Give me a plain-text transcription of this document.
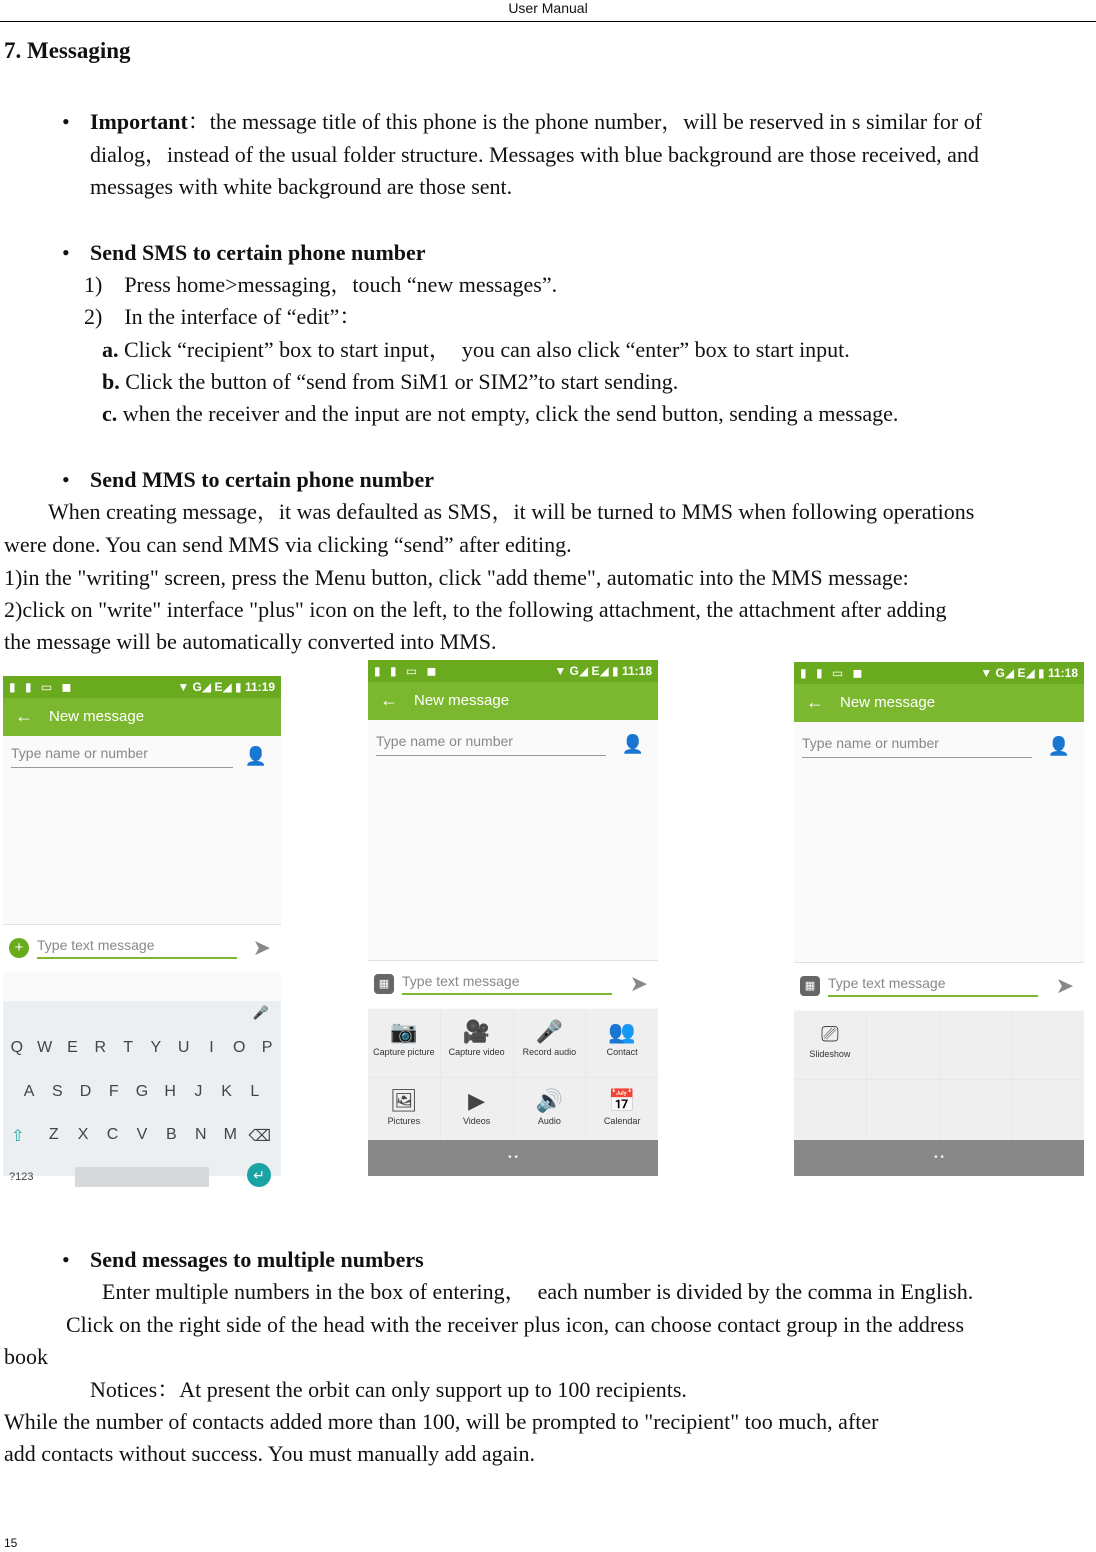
User Manual
7. Messaging
• Important：the message title of this phone is the phone number，will be reserved in s similar for of
dialog，instead of the usual folder structure. Messages with blue background are those received, and
messages with white background are those sent.
• Send SMS to certain phone number
1)    Press home>messaging，touch “new messages”.
2)    In the interface of “edit”：
a. Click “recipient” box to start input，  you can also click “enter” box to start input.
b. Click the button of “send from SiM1 or SIM2”to start sending.
c. when the receiver and the input are not empty, click the send button, sending a message.
• Send MMS to certain phone number
When creating message，it was defaulted as SMS，it will be turned to MMS when following operations
were done. You can send MMS via clicking “send” after editing.
1)in the "writing" screen, press the Menu button, click "add theme", automatic into the MMS message:
2)click on "write" interface "plus" icon on the left, to the following attachment, the attachment after adding
the message will be automatically converted into MMS.
▮ ▮ ▭ ◼	▼ G◢ E◢ ▮ 11:19
← New message
Type name or number	👤
+ Type text message	➤
🎤
Q W E	R	T	Y	U	I	O	P
A	S	D	F	G	H	J	K	L
Z	X	C	V	B	N	M
⇧	⌫
?123	↵
▮ ▮ ▭ ◼	▼ G◢ E◢ ▮ 11:18
← New message
Type name or number	👤
▦ Type text message	➤
📷
Capture picture
🎥
Capture video
🎤
Record audio
👥
Contact
🖼
Pictures
▶
Videos
🔊
Audio
📅
Calendar
• •
▮ ▮ ▭ ◼	▼ G◢ E◢ ▮ 11:18
← New message
Type name or number	👤
▦ Type text message	➤
⎚
Slideshow
• •
• Send messages to multiple numbers
Enter multiple numbers in the box of entering，  each number is divided by the comma in English.
Click on the right side of the head with the receiver plus icon, can choose contact group in the address
book
Notices：At present the orbit can only support up to 100 recipients.
While the number of contacts added more than 100, will be prompted to "recipient" too much, after
add contacts without success. You must manually add again.
15
